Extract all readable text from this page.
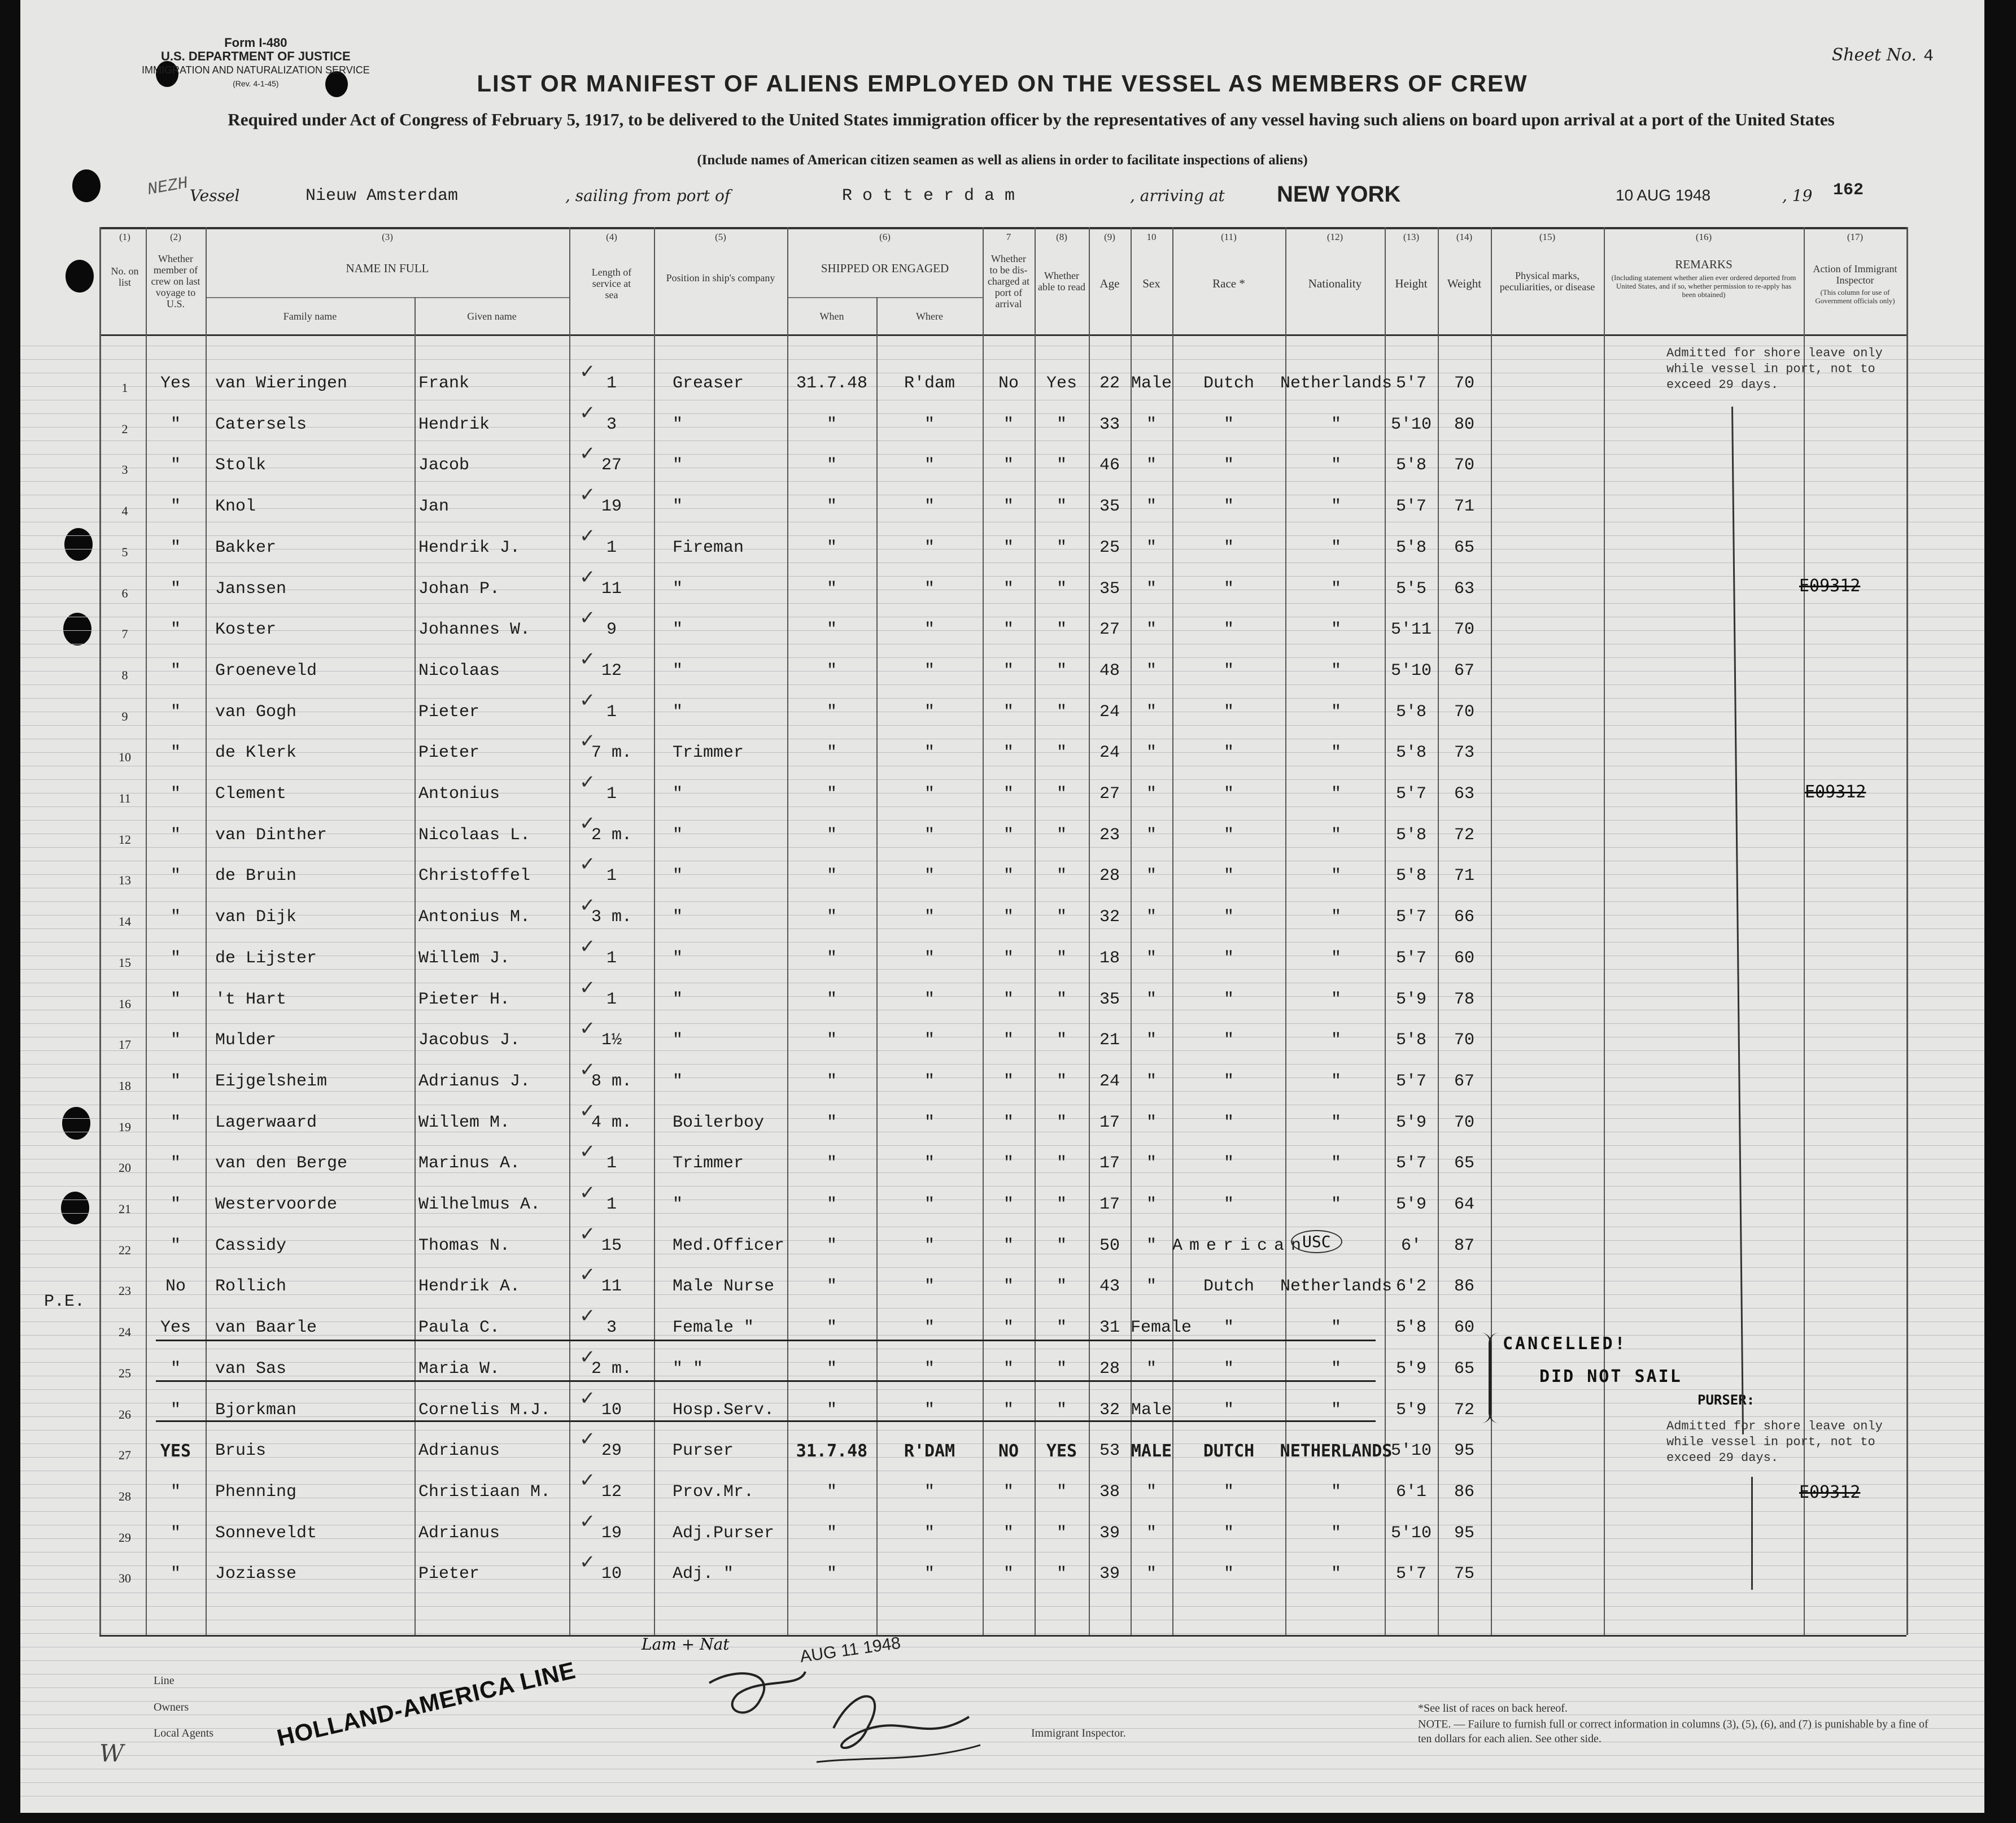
Form I-480
U.S. DEPARTMENT OF JUSTICE
IMMIGRATION AND NATURALIZATION SERVICE
(Rev. 4-1-45)
Sheet No. 4
LIST OR MANIFEST OF ALIENS EMPLOYED ON THE VESSEL AS MEMBERS OF CREW
Required under Act of Congress of February 5, 1917, to be delivered to the United States immigration officer by the representatives of any vessel having such aliens on board upon arrival at a port of the United States
(Include names of American citizen seamen as well as aliens in order to facilitate inspections of aliens)
NEZH Vessel	Nieuw Amsterdam	, sailing from port of	R o t t e r d a m	, arriving at NEW YORK	10 AUG 1948	, 19 162
(1)	(2)	(3)	(4)	(5)	(6)	7	(8)	(9)	10	(11)	(12)	(13)	(14)	(15)	(16)	(17)
No. on list
Whether member of crew on last voyage to U.S.
NAME IN FULL
Family name	Given name
Length of service at sea
Position in ship's company
SHIPPED OR ENGAGED
When	Where
Whether to be dis-charged at port of arrival
Whether able to read	Age	Sex	Race *	Nationality	Height	Weight
Physical marks, peculiarities, or disease
REMARKS
(Including statement whether alien ever ordered deported from United States, and if so, whether permission to re-apply has been obtained)
Action of Immigrant Inspector
(This column for use of Government officials only)
1	Yes	van Wieringen	Frank	1	Greaser	31.7.48	R'dam	No	Yes	22 Male	Dutch	Netherlands 5'7	70
✓
2	"	Catersels	Hendrik	3	"	"	"	"	"	33	"	"	"	5'10	80
✓
3	"	Stolk	Jacob	27	"	"	"	"	"	46	"	"	"	5'8	70
✓
4	"	Knol	Jan	19	"	"	"	"	"	35	"	"	"	5'7	71
✓
5	"	Bakker	Hendrik J.	1	Fireman	"	"	"	"	25	"	"	"	5'8	65
✓
6	"	Janssen	Johan P.	11	"	"	"	"	"	35	"	"	"	5'5	63
✓
7	"	Koster	Johannes W.	9	"	"	"	"	"	27	"	"	"	5'11	70
✓
8	"	Groeneveld	Nicolaas	12	"	"	"	"	"	48	"	"	"	5'10	67
✓
9	"	van Gogh	Pieter	1	"	"	"	"	"	24	"	"	"	5'8	70
✓
10	"	de Klerk	Pieter	7 m.	Trimmer	"	"	"	"	24	"	"	"	5'8	73
✓
11	"	Clement	Antonius	1	"	"	"	"	"	27	"	"	"	5'7	63
✓
12	"	van Dinther	Nicolaas L.	2 m.	"	"	"	"	"	23	"	"	"	5'8	72
✓
13	"	de Bruin	Christoffel	1	"	"	"	"	"	28	"	"	"	5'8	71
✓
14	"	van Dijk	Antonius M.	3 m.	"	"	"	"	"	32	"	"	"	5'7	66
✓
15	"	de Lijster	Willem J.	1	"	"	"	"	"	18	"	"	"	5'7	60
✓
16	"	't Hart	Pieter H.	1	"	"	"	"	"	35	"	"	"	5'9	78
✓
17	"	Mulder	Jacobus J.	1½	"	"	"	"	"	21	"	"	"	5'8	70
✓
18	"	Eijgelsheim	Adrianus J.	8 m.	"	"	"	"	"	24	"	"	"	5'7	67
✓
19	"	Lagerwaard	Willem M.	4 m.	Boilerboy	"	"	"	"	17	"	"	"	5'9	70
✓
20	"	van den Berge	Marinus A.	1	Trimmer	"	"	"	"	17	"	"	"	5'7	65
✓
21	"	Westervoorde	Wilhelmus A.	1	"	"	"	"	"	17	"	"	"	5'9	64
✓
22	"	Cassidy	Thomas N.	15	Med.Officer	"	"	"	"	50	" American	6'	87
✓
23	No	Rollich	Hendrik A.	11	Male Nurse	"	"	"	"	43	"	Dutch	Netherlands 6'2	86
✓
24	Yes	van Baarle	Paula C.	3	Female "	"	"	"	"	31 Female	"	"	5'8	60
✓
25	"	van Sas	Maria W.	2 m.	" "	"	"	"	"	28	"	"	"	5'9	65
✓
26	"	Bjorkman	Cornelis M.J.	10	Hosp.Serv.	"	"	"	"	32 Male	"	"	5'9	72
✓
27	YES	Bruis	Adrianus	29	Purser	31.7.48	R'DAM	NO	YES	53 MALE	DUTCH	NETHERLANDS
5'10	95
✓
28	"	Phenning	Christiaan M.	12	Prov.Mr.	"	"	"	"	38	"	"	"	6'1	86
✓
29	"	Sonneveldt	Adrianus	19	Adj.Purser	"	"	"	"	39	"	"	"	5'10	95
✓
30	"	Joziasse	Pieter	10	Adj. "	"	"	"	"	39	"	"	"	5'7	75
✓
P.E.
USC
CANCELLED!
DID NOT SAIL
PURSER:
Admitted for shore leave only
while vessel in port, not to
exceed 29 days.
Admitted for shore leave only
while vessel in port, not to
exceed 29 days.
E09312
E09312
E09312
Line
Owners
Local Agents	HOLLAND-AMERICA LINE
AUG 11 1948
Lam + Nat
Immigrant Inspector.
*See list of races on back hereof.
NOTE. — Failure to furnish full or correct information in columns (3), (5), (6), and (7) is punishable by a fine of ten dollars for each alien. See other side.
W
